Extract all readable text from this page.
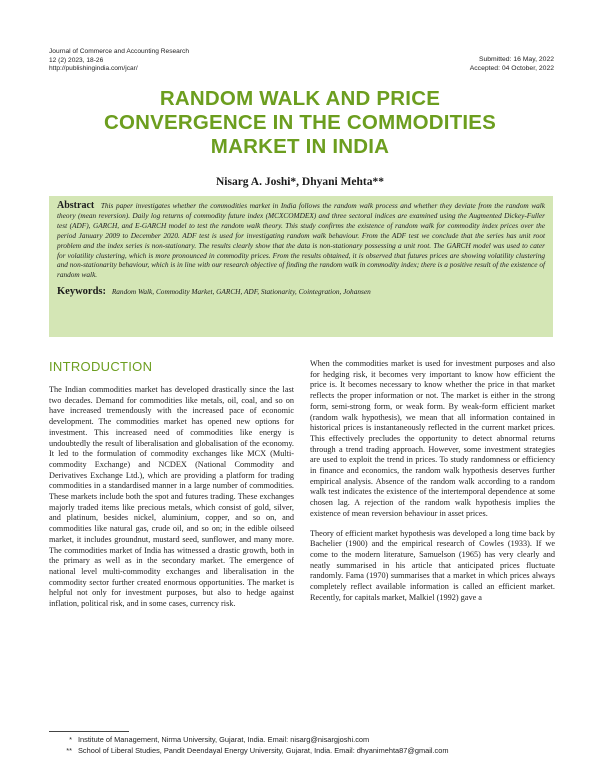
Journal of Commerce and Accounting Research
12 (2) 2023, 18-26
http://publishingindia.com/jcar/
Submitted: 16 May, 2022
Accepted: 04 October, 2022
RANDOM WALK AND PRICE
CONVERGENCE IN THE COMMODITIES
MARKET IN INDIA
Nisarg A. Joshi*, Dhyani Mehta**
Abstract This paper investigates whether the commodities market in India follows the random walk process and whether they deviate from the random walk theory (mean reversion). Daily log returns of commodity future index (MCXCOMDEX) and three sectoral indices are examined using the Augmented Dickey-Fuller test (ADF), GARCH, and E-GARCH model to test the random walk theory. This study confirms the existence of random walk for commodity index prices over the period January 2009 to December 2020. ADF test is used for investigating random walk behaviour. From the ADF test we conclude that the series has unit root problem and the index series is non-stationary. The results clearly show that the data is non-stationary possessing a unit root. The GARCH model was used to cater for volatility clustering, which is more pronounced in commodity prices. From the results obtained, it is observed that futures prices are showing volatility clustering and non-stationarity behaviour, which is in line with our research objective of finding the random walk in commodity index; there is a positive result of the existence of random walk.
Keywords: Random Walk, Commodity Market, GARCH, ADF, Stationarity, Cointegration, Johansen
INTRODUCTION

The Indian commodities market has developed drastically since the last two decades. Demand for commodities like metals, oil, coal, and so on have increased tremendously with the increased pace of economic development. The commodities market has opened new options for investment. This increased need of commodities like energy is undoubtedly the result of liberalisation and globalisation of the economy. It led to the formulation of commodity exchanges like MCX (Multi-commodity Exchange) and NCDEX (National Commodity and Derivatives Exchange Ltd.), which are providing a platform for trading commodities in a standardised manner in a large number of commodities. These markets include both the spot and futures trading. These exchanges majorly traded items like precious metals, which consist of gold, silver, and platinum, besides nickel, aluminium, copper, and so on, and commodities like natural gas, crude oil, and so on; in the edible oilseed market, it includes groundnut, mustard seed, sunflower, and many more. The commodities market of India has witnessed a drastic growth, both in the primary as well as in the secondary market. The emergence of national level multi-commodity exchanges and liberalisation in the commodity sector further created enormous opportunities. The market is helpful not only for investment purposes, but also to hedge against inflation, political risk, and in some cases, currency risk.

When the commodities market is used for investment purposes and also for hedging risk, it becomes very important to know how efficient the price is. It becomes necessary to know whether the price in that market reflects the proper information or not. The market is either in the strong form, semi-strong form, or weak form. By weak-form efficient market (random walk hypothesis), we mean that all information contained in historical prices is instantaneously reflected in the current market prices. This effectively precludes the opportunity to detect abnormal returns through a trend trading approach. However, some investment strategies are used to exploit the trend in prices. To study randomness or efficiency in finance and economics, the random walk hypothesis deserves further empirical analysis. Absence of the random walk according to a random walk test indicates the existence of the intertemporal dependence at some chosen lag. A rejection of the random walk hypothesis implies the existence of mean reversion behaviour in asset prices.

Theory of efficient market hypothesis was developed a long time back by Bachelier (1900) and the empirical research of Cowles (1933). If we come to the modern literature, Samuelson (1965) has very clearly and neatly summarised in his article that anticipated prices fluctuate randomly. Fama (1970) summarises that a market in which prices always completely reflect available information is called an efficient market. Recently, for capitals market, Malkiel (1992) gave a

* Institute of Management, Nirma University, Gujarat, India. Email: nisarg@nisargjoshi.com
** School of Liberal Studies, Pandit Deendayal Energy University, Gujarat, India. Email: dhyanimehta87@gmail.com
